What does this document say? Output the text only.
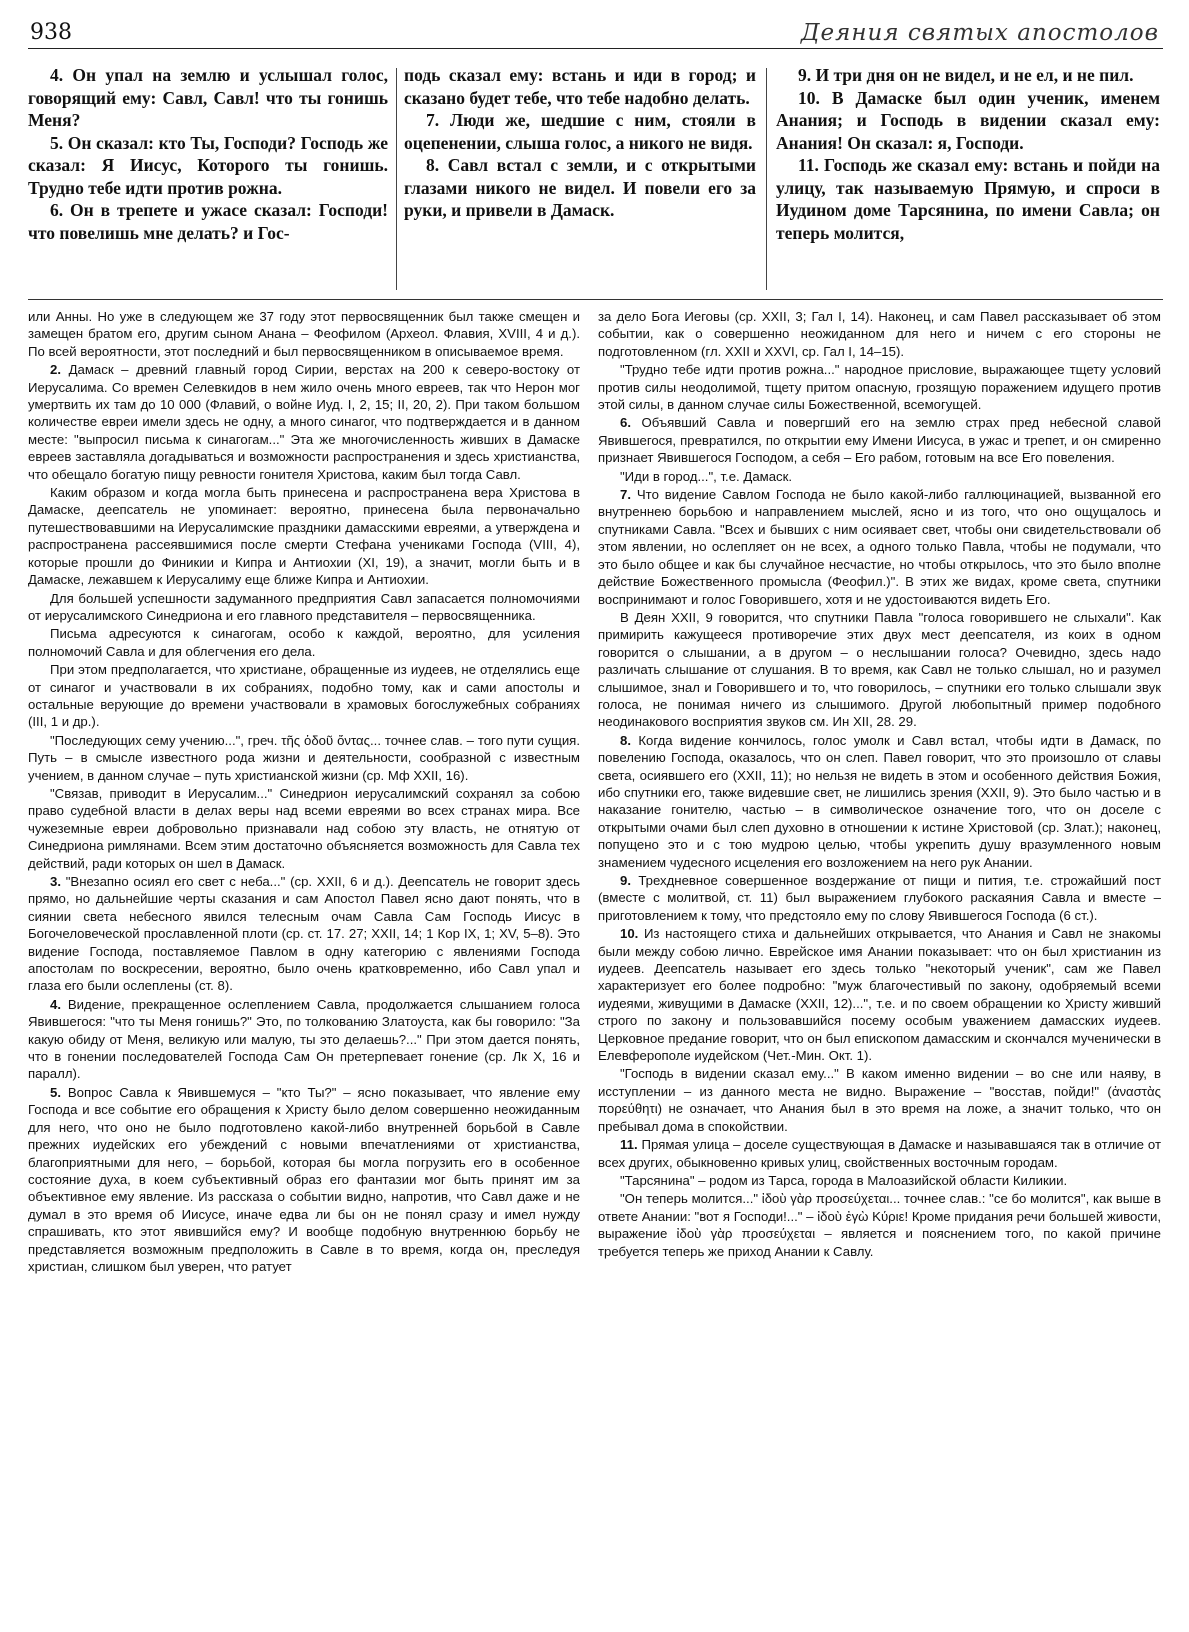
938	Деяния святых апостолов

4. Он упал на землю и услышал голос, говорящий ему: Савл, Савл! что ты гонишь Меня?

5. Он сказал: кто Ты, Господи? Господь же сказал: Я Иисус, Которого ты гонишь. Трудно тебе идти против рожна.

6. Он в трепете и ужасе сказал: Господи! что повелишь мне делать? и Гос-

подь сказал ему: встань и иди в город; и сказано будет тебе, что тебе надобно делать.

7. Люди же, шедшие с ним, стояли в оцепенении, слыша голос, а никого не видя.

8. Савл встал с земли, и с открытыми глазами никого не видел. И повели его за руки, и привели в Дамаск.

9. И три дня он не видел, и не ел, и не пил.

10. В Дамаске был один ученик, именем Анания; и Господь в видении сказал ему: Анания! Он сказал: я, Господи.

11. Господь же сказал ему: встань и пойди на улицу, так называемую Прямую, и спроси в Иудином доме Тарсянина, по имени Савла; он теперь молится,

или Анны. Но уже в следующем же 37 году этот первосвященник был также смещен и замещен братом его, другим сыном Анана – Феофилом (Археол. Флавия, XVIII, 4 и д.). По всей вероятности, этот последний и был первосвященником в описываемое время.

2. Дамаск – древний главный город Сирии, верстах на 200 к северо-востоку от Иерусалима. Со времен Селевкидов в нем жило очень много евреев, так что Нерон мог умертвить их там до 10 000 (Флавий, о войне Иуд. I, 2, 15; II, 20, 2). При таком большом количестве евреи имели здесь не одну, а много синагог, что подтверждается и в данном месте: "выпросил письма к синагогам..." Эта же многочисленность живших в Дамаске евреев заставляла догадываться и возможности распространения и здесь христианства, что обещало богатую пищу ревности гонителя Христова, каким был тогда Савл.

Каким образом и когда могла быть принесена и распространена вера Христова в Дамаске, деепсатель не упоминает: вероятно, принесена была первоначально путешествовавшими на Иерусалимские праздники дамасскими евреями, а утверждена и распространена рассеявшимися после смерти Стефана учениками Господа (VIII, 4), которые прошли до Финикии и Кипра и Антиохии (XI, 19), а значит, могли быть и в Дамаске, лежавшем к Иерусалиму еще ближе Кипра и Антиохии.

Для большей успешности задуманного предприятия Савл запасается полномочиями от иерусалимского Синедриона и его главного представителя – первосвященника.

Письма адресуются к синагогам, особо к каждой, вероятно, для усиления полномочий Савла и для облегчения его дела.

При этом предполагается, что христиане, обращенные из иудеев, не отделялись еще от синагог и участвовали в их собраниях, подобно тому, как и сами апостолы и остальные верующие до времени участвовали в храмовых богослужебных собраниях (III, 1 и др.).

"Последующих сему учению...", греч. τῆς ὁδοῦ ὄντας... точнее слав. – того пути сущия. Путь – в смысле известного рода жизни и деятельности, сообразной с известным учением, в данном случае – путь христианской жизни (ср. Мф XXII, 16).

"Связав, приводит в Иерусалим..." Синедрион иерусалимский сохранял за собою право судебной власти в делах веры над всеми евреями во всех странах мира. Все чужеземные евреи добровольно признавали над собою эту власть, не отнятую от Синедриона римлянами. Всем этим достаточно объясняется возможность для Савла тех действий, ради которых он шел в Дамаск.

3. "Внезапно осиял его свет с неба..." (ср. XXII, 6 и д.). Деепсатель не говорит здесь прямо, но дальнейшие черты сказания и сам Апостол Павел ясно дают понять, что в сиянии света небесного явился телесным очам Савла Сам Господь Иисус в Богочеловеческой прославленной плоти (ср. ст. 17. 27; XXII, 14; 1 Кор IX, 1; XV, 5–8). Это видение Господа, поставляемое Павлом в одну категорию с явлениями Господа апостолам по воскресении, вероятно, было очень кратковременно, ибо Савл упал и глаза его были ослеплены (ст. 8).

4. Видение, прекращенное ослеплением Савла, продолжается слышанием голоса Явившегося: "что ты Меня гонишь?" Это, по толкованию Златоуста, как бы говорило: "За какую обиду от Меня, великую или малую, ты это делаешь?..." При этом дается понять, что в гонении последователей Господа Сам Он претерпевает гонение (ср. Лк X, 16 и паралл).

5. Вопрос Савла к Явившемуся – "кто Ты?" – ясно показывает, что явление ему Господа и все событие его обращения к Христу было делом совершенно неожиданным для него, что оно не было подготовлено какой-либо внутренней борьбой в Савле прежних иудейских его убеждений с новыми впечатлениями от христианства, благоприятными для него, – борьбой, которая бы могла погрузить его в особенное состояние духа, в коем субъективный образ его фантазии мог быть принят им за объективное ему явление. Из рассказа о событии видно, напротив, что Савл даже и не думал в это время об Иисусе, иначе едва ли бы он не понял сразу и имел нужду спрашивать, кто этот явившийся ему? И вообще подобную внутреннюю борьбу не представляется возможным предположить в Савле в то время, когда он, преследуя христиан, слишком был уверен, что ратует

за дело Бога Иеговы (ср. XXII, 3; Гал I, 14). Наконец, и сам Павел рассказывает об этом событии, как о совершенно неожиданном для него и ничем с его стороны не подготовленном (гл. XXII и XXVI, ср. Гал I, 14–15).

"Трудно тебе идти против рожна..." народное присловие, выражающее тщету условий против силы неодолимой, тщету притом опасную, грозящую поражением идущего против этой силы, в данном случае силы Божественной, всемогущей.

6. Объявший Савла и повергший его на землю страх пред небесной славой Явившегося, превратился, по открытии ему Имени Иисуса, в ужас и трепет, и он смиренно признает Явившегося Господом, а себя – Его рабом, готовым на все Его повеления.

"Иди в город...", т.е. Дамаск.

7. Что видение Савлом Господа не было какой-либо галлюцинацией, вызванной его внутреннею борьбою и направлением мыслей, ясно и из того, что оно ощущалось и спутниками Савла. "Всех и бывших с ним осиявает свет, чтобы они свидетельствовали об этом явлении, но ослепляет он не всех, а одного только Павла, чтобы не подумали, что это было общее и как бы случайное несчастие, но чтобы открылось, что это было вполне действие Божественного промысла (Феофил.)". В этих же видах, кроме света, спутники воспринимают и голос Говорившего, хотя и не удостоиваются видеть Его.

В Деян XXII, 9 говорится, что спутники Павла "голоса говорившего не слыхали". Как примирить кажущееся противоречие этих двух мест деепсателя, из коих в одном говорится о слышании, а в другом – о неслышании голоса? Очевидно, здесь надо различать слышание от слушания. В то время, как Савл не только слышал, но и разумел слышимое, знал и Говорившего и то, что говорилось, – спутники его только слышали звук голоса, не понимая ничего из слышимого. Другой любопытный пример подобного неодинакового восприятия звуков см. Ин XII, 28. 29.

8. Когда видение кончилось, голос умолк и Савл встал, чтобы идти в Дамаск, по повелению Господа, оказалось, что он слеп. Павел говорит, что это произошло от славы света, осиявшего его (XXII, 11); но нельзя не видеть в этом и особенного действия Божия, ибо спутники его, также видевшие свет, не лишились зрения (XXII, 9). Это было частью и в наказание гонителю, частью – в символическое означение того, что он доселе с открытыми очами был слеп духовно в отношении к истине Христовой (ср. Злат.); наконец, попущено это и с тою мудрою целью, чтобы укрепить душу вразумленного новым знамением чудесного исцеления его возложением на него рук Анании.

9. Трехдневное совершенное воздержание от пищи и пития, т.е. строжайший пост (вместе с молитвой, ст. 11) был выражением глубокого раскаяния Савла и вместе – приготовлением к тому, что предстояло ему по слову Явившегося Господа (6 ст.).

10. Из настоящего стиха и дальнейших открывается, что Анания и Савл не знакомы были между собою лично. Еврейское имя Анании показывает: что он был христианин из иудеев. Деепсатель называет его здесь только "некоторый ученик", сам же Павел характеризует его более подробно: "муж благочестивый по закону, одобряемый всеми иудеями, живущими в Дамаске (XXII, 12)...", т.е. и по своем обращении ко Христу живший строго по закону и пользовавшийся посему особым уважением дамасских иудеев. Церковное предание говорит, что он был епископом дамасским и скончался мученически в Елевферополе иудейском (Чет.-Мин. Окт. 1).

"Господь в видении сказал ему..." В каком именно видении – во сне или наяву, в исступлении – из данного места не видно. Выражение – "восстав, пойди!" (ἀναστὰς πορεύθητι) не означает, что Анания был в это время на ложе, а значит только, что он пребывал дома в спокойствии.

11. Прямая улица – доселе существующая в Дамаске и называвшаяся так в отличие от всех других, обыкновенно кривых улиц, свойственных восточным городам.

"Тарсянина" – родом из Тарса, города в Малоазийской области Киликии.

"Он теперь молится..." ἰδοὺ γὰρ προσεύχεται... точнее слав.: "се бо молится", как выше в ответе Анании: "вот я Господи!..." – ἰδοὺ ἐγὼ Κύριε! Кроме придания речи большей живости, выражение ἰδοὺ γὰρ προσεύχεται – является и пояснением того, по какой причине требуется теперь же приход Анании к Савлу.
